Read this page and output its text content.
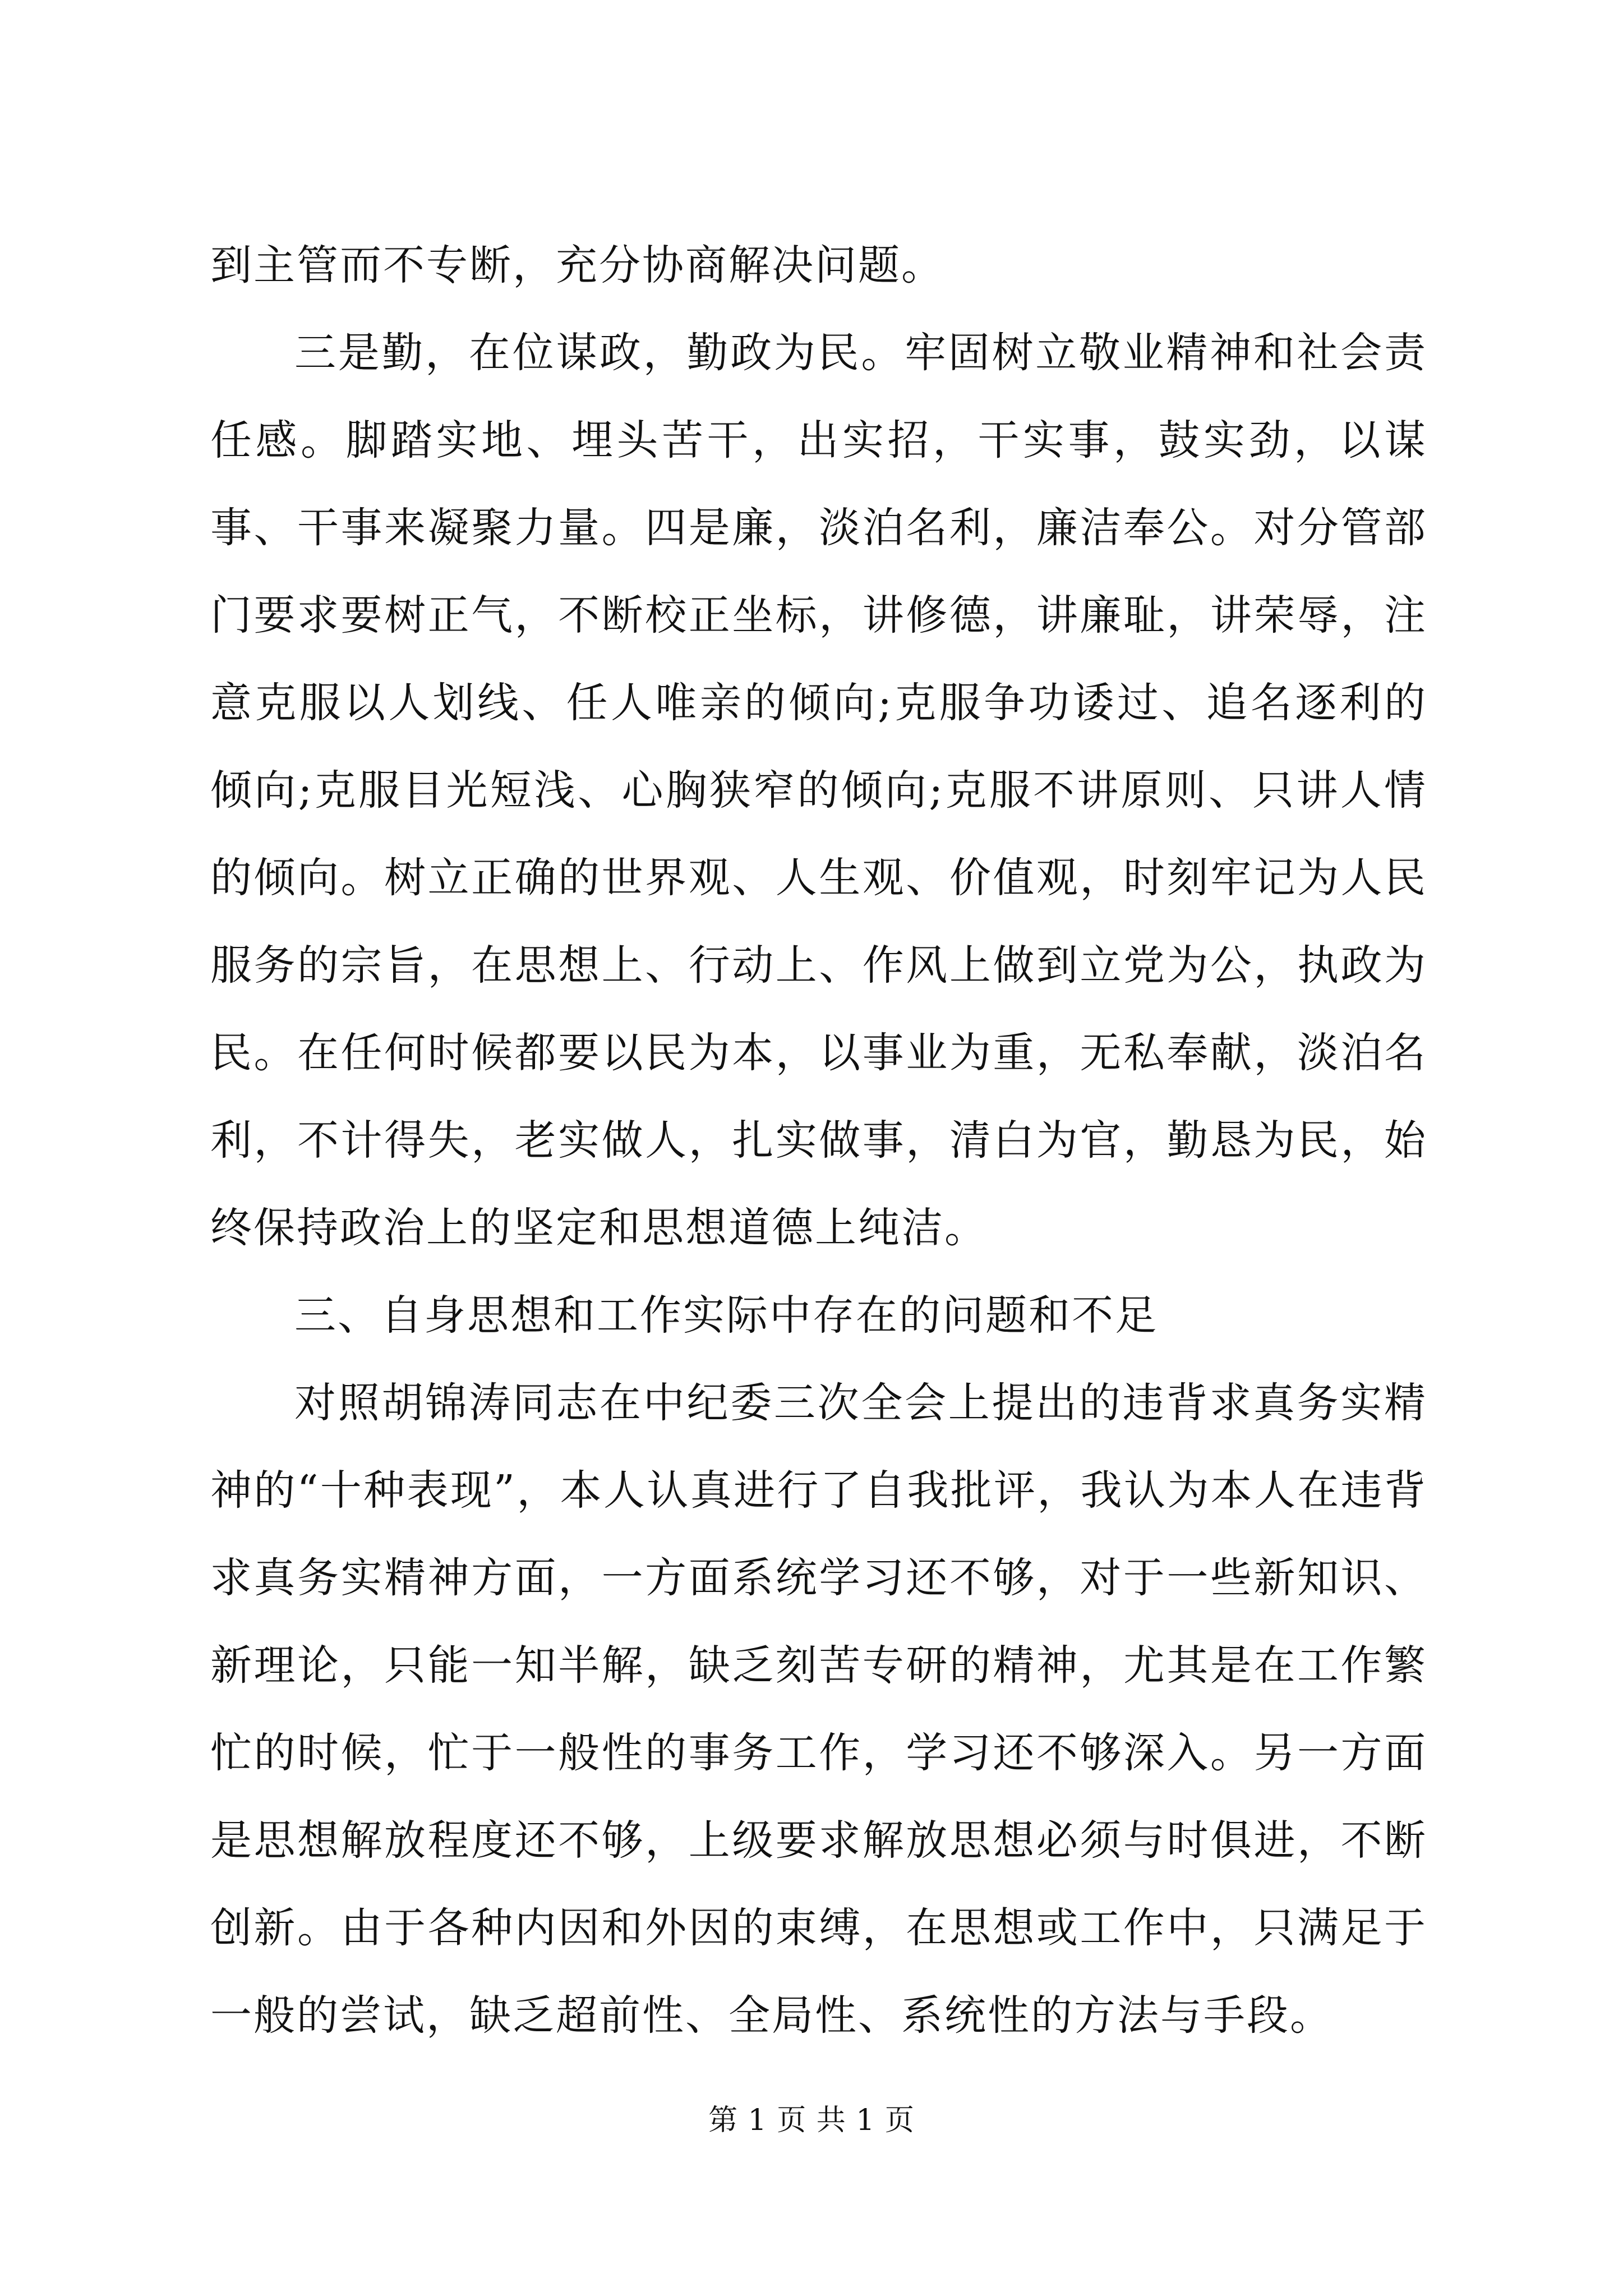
到主管而不专断，充分协商解决问题。

三是勤，在位谋政，勤政为民。牢固树立敬业精神和社会责任感。脚踏实地、埋头苦干，出实招，干实事，鼓实劲，以谋事、干事来凝聚力量。四是廉，淡泊名利，廉洁奉公。对分管部门要求要树正气，不断校正坐标，讲修德，讲廉耻，讲荣辱，注意克服以人划线、任人唯亲的倾向;克服争功诿过、追名逐利的倾向;克服目光短浅、心胸狭窄的倾向;克服不讲原则、只讲人情的倾向。树立正确的世界观、人生观、价值观，时刻牢记为人民服务的宗旨，在思想上、行动上、作风上做到立党为公，执政为民。在任何时候都要以民为本，以事业为重，无私奉献，淡泊名利，不计得失，老实做人，扎实做事，清白为官，勤恳为民，始终保持政治上的坚定和思想道德上纯洁。

三、自身思想和工作实际中存在的问题和不足

对照胡锦涛同志在中纪委三次全会上提出的违背求真务实精神的“十种表现”，本人认真进行了自我批评，我认为本人在违背求真务实精神方面，一方面系统学习还不够，对于一些新知识、新理论，只能一知半解，缺乏刻苦专研的精神，尤其是在工作繁忙的时候，忙于一般性的事务工作，学习还不够深入。另一方面是思想解放程度还不够，上级要求解放思想必须与时俱进，不断创新。由于各种内因和外因的束缚，在思想或工作中，只满足于一般的尝试，缺乏超前性、全局性、系统性的方法与手段。

第 1 页 共 1 页
